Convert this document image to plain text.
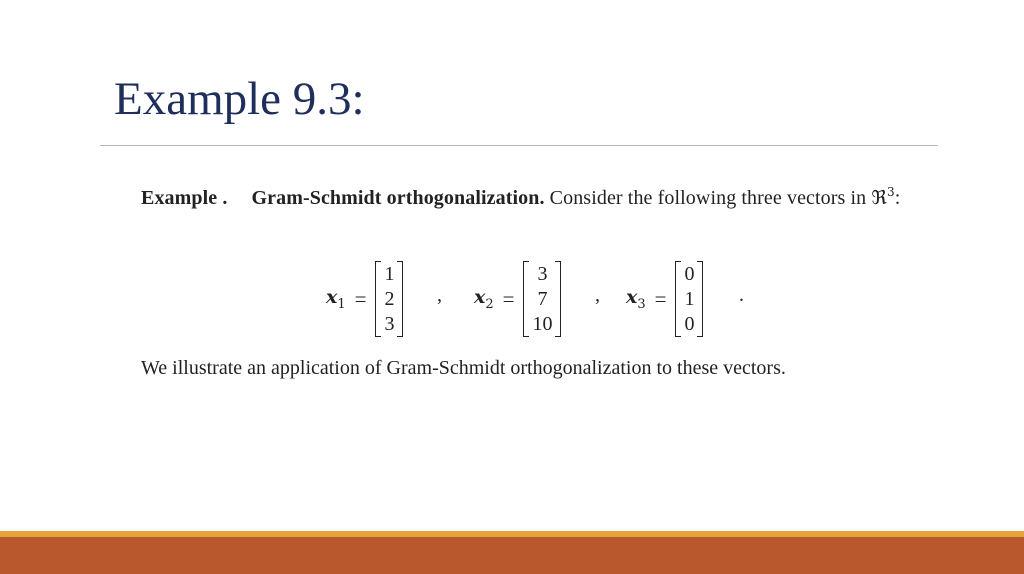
Example 9.3:
Example . Gram-Schmidt orthogonalization. Consider the following three vectors in ℜ$^3$:
$x_1$ =
1
2
3
, $x_2$ =
3
7
10
, $x_3$ =
0
1
0
.
We illustrate an application of Gram-Schmidt orthogonalization to these vectors.
